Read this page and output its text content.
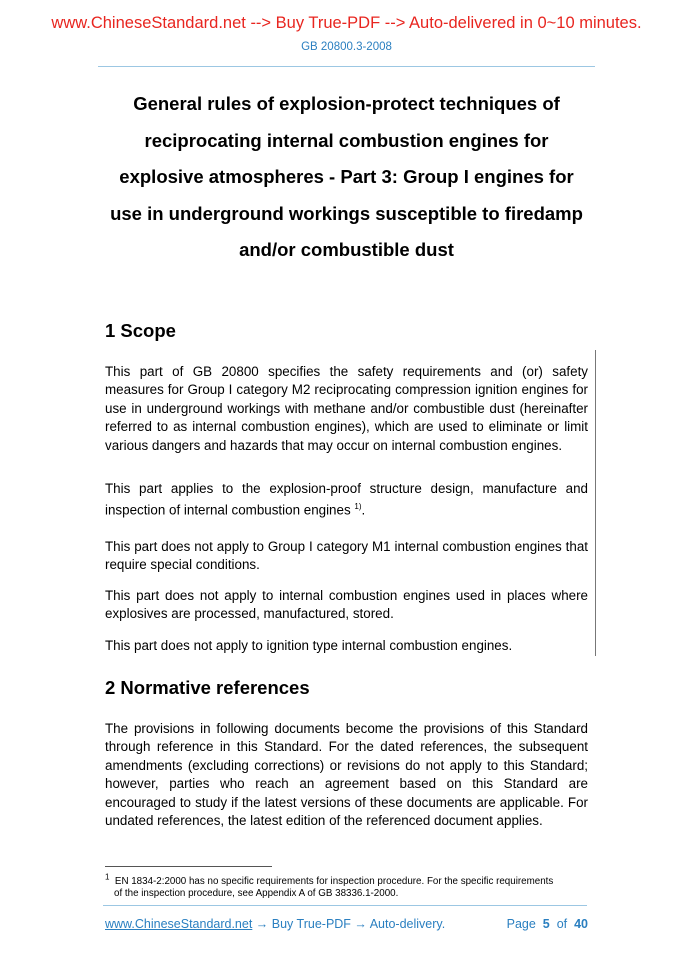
www.ChineseStandard.net --> Buy True-PDF --> Auto-delivered in 0~10 minutes.
GB 20800.3-2008
General rules of explosion-protect techniques of
reciprocating internal combustion engines for
explosive atmospheres - Part 3: Group I engines for
use in underground workings susceptible to firedamp
and/or combustible dust
1 Scope

This part of GB 20800 specifies the safety requirements and (or) safety measures for Group I category M2 reciprocating compression ignition engines for use in underground workings with methane and/or combustible dust (hereinafter referred to as internal combustion engines), which are used to eliminate or limit various dangers and hazards that may occur on internal combustion engines.

This part applies to the explosion-proof structure design, manufacture and inspection of internal combustion engines $^{1)}$.

This part does not apply to Group I category M1 internal combustion engines that require special conditions.

This part does not apply to internal combustion engines used in places where explosives are processed, manufactured, stored.

This part does not apply to ignition type internal combustion engines.

2 Normative references

The provisions in following documents become the provisions of this Standard through reference in this Standard. For the dated references, the subsequent amendments (excluding corrections) or revisions do not apply to this Standard; however, parties who reach an agreement based on this Standard are encouraged to study if the latest versions of these documents are applicable. For undated references, the latest edition of the referenced document applies.

$^1$ EN 1834-2:2000 has no specific requirements for inspection procedure. For the specific requirements
of the inspection procedure, see Appendix A of GB 38336.1-2000.
www.ChineseStandard.net → Buy True-PDF → Auto-delivery.	Page 5 of 40
